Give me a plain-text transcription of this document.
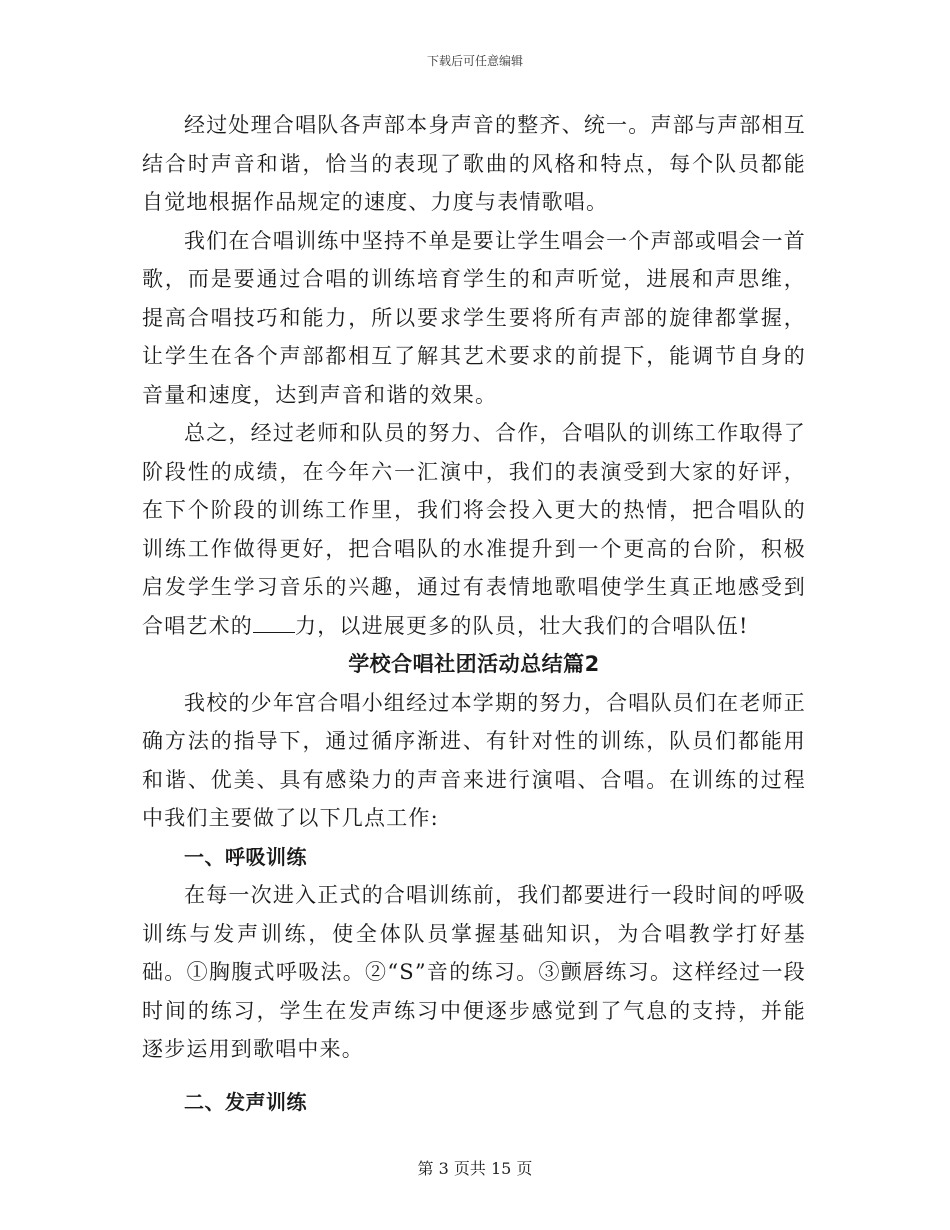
下载后可任意编辑

经过处理合唱队各声部本身声音的整齐、统一。声部与声部相互结合时声音和谐，恰当的表现了歌曲的风格和特点，每个队员都能自觉地根据作品规定的速度、力度与表情歌唱。

我们在合唱训练中坚持不单是要让学生唱会一个声部或唱会一首歌，而是要通过合唱的训练培育学生的和声听觉，进展和声思维，提高合唱技巧和能力，所以要求学生要将所有声部的旋律都掌握，让学生在各个声部都相互了解其艺术要求的前提下，能调节自身的音量和速度，达到声音和谐的效果。

总之，经过老师和队员的努力、合作，合唱队的训练工作取得了阶段性的成绩，在今年六一汇演中，我们的表演受到大家的好评，在下个阶段的训练工作里，我们将会投入更大的热情，把合唱队的训练工作做得更好，把合唱队的水准提升到一个更高的台阶，积极启发学生学习音乐的兴趣，通过有表情地歌唱使学生真正地感受到合唱艺术的 力，以进展更多的队员，壮大我们的合唱队伍!

学校合唱社团活动总结篇2

我校的少年宫合唱小组经过本学期的努力，合唱队员们在老师正确方法的指导下，通过循序渐进、有针对性的训练，队员们都能用和谐、优美、具有感染力的声音来进行演唱、合唱。在训练的过程中我们主要做了以下几点工作:

一、呼吸训练

在每一次进入正式的合唱训练前，我们都要进行一段时间的呼吸训练与发声训练，使全体队员掌握基础知识，为合唱教学打好基础。①胸腹式呼吸法。②“S”音的练习。③颤唇练习。这样经过一段时间的练习，学生在发声练习中便逐步感觉到了气息的支持，并能逐步运用到歌唱中来。

二、发声训练

第 3 页共 15 页
